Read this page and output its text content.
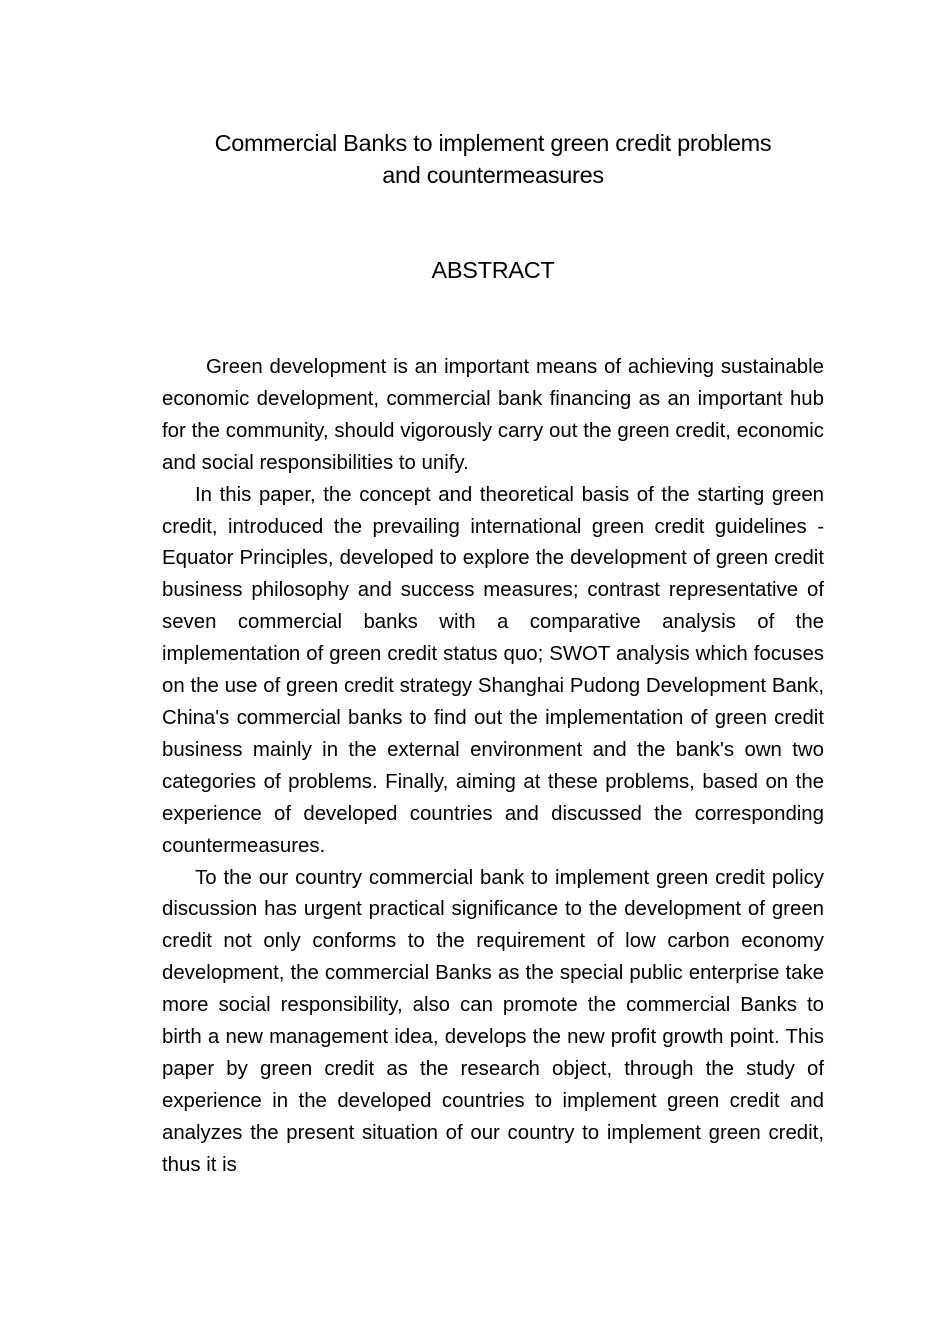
Commercial Banks to implement green credit problems
and countermeasures
ABSTRACT

Green development is an important means of achieving sustainable economic development, commercial bank financing as an important hub for the community, should vigorously carry out the green credit, economic and social responsibilities to unify.

In this paper, the concept and theoretical basis of the starting green credit, introduced the prevailing international green credit guidelines - Equator Principles, developed to explore the development of green credit business philosophy and success measures; contrast representative of seven commercial banks with a comparative analysis of the implementation of green credit status quo; SWOT analysis which focuses on the use of green credit strategy Shanghai Pudong Development Bank, China's commercial banks to find out the implementation of green credit business mainly in the external environment and the bank's own two categories of problems. Finally, aiming at these problems, based on the experience of developed countries and discussed the corresponding countermeasures.

To the our country commercial bank to implement green credit policy discussion has urgent practical significance to the development of green credit not only conforms to the requirement of low carbon economy development, the commercial Banks as the special public enterprise take more social responsibility, also can promote the commercial Banks to birth a new management idea, develops the new profit growth point. This paper by green credit as the research object, through the study of experience in the developed countries to implement green credit and analyzes the present situation of our country to implement green credit, thus it is
